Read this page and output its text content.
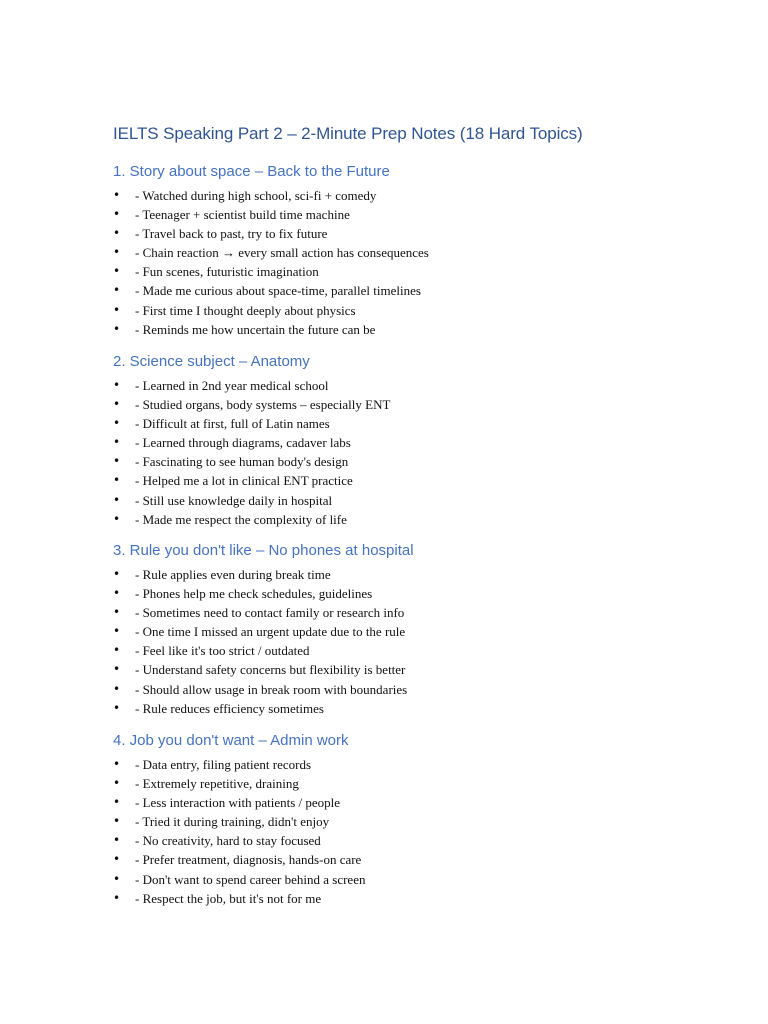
IELTS Speaking Part 2 – 2-Minute Prep Notes (18 Hard Topics)
1. Story about space – Back to the Future
•	- Watched during high school, sci-fi + comedy
•	- Teenager + scientist build time machine
•	- Travel back to past, try to fix future
•	- Chain reaction → every small action has consequences
•	- Fun scenes, futuristic imagination
•	- Made me curious about space-time, parallel timelines
•	- First time I thought deeply about physics
•	- Reminds me how uncertain the future can be
2. Science subject – Anatomy
•	- Learned in 2nd year medical school
•	- Studied organs, body systems – especially ENT
•	- Difficult at first, full of Latin names
•	- Learned through diagrams, cadaver labs
•	- Fascinating to see human body's design
•	- Helped me a lot in clinical ENT practice
•	- Still use knowledge daily in hospital
•	- Made me respect the complexity of life
3. Rule you don't like – No phones at hospital
•	- Rule applies even during break time
•	- Phones help me check schedules, guidelines
•	- Sometimes need to contact family or research info
•	- One time I missed an urgent update due to the rule
•	- Feel like it's too strict / outdated
•	- Understand safety concerns but flexibility is better
•	- Should allow usage in break room with boundaries
•	- Rule reduces efficiency sometimes
4. Job you don't want – Admin work
•	- Data entry, filing patient records
•	- Extremely repetitive, draining
•	- Less interaction with patients / people
•	- Tried it during training, didn't enjoy
•	- No creativity, hard to stay focused
•	- Prefer treatment, diagnosis, hands-on care
•	- Don't want to spend career behind a screen
•	- Respect the job, but it's not for me
